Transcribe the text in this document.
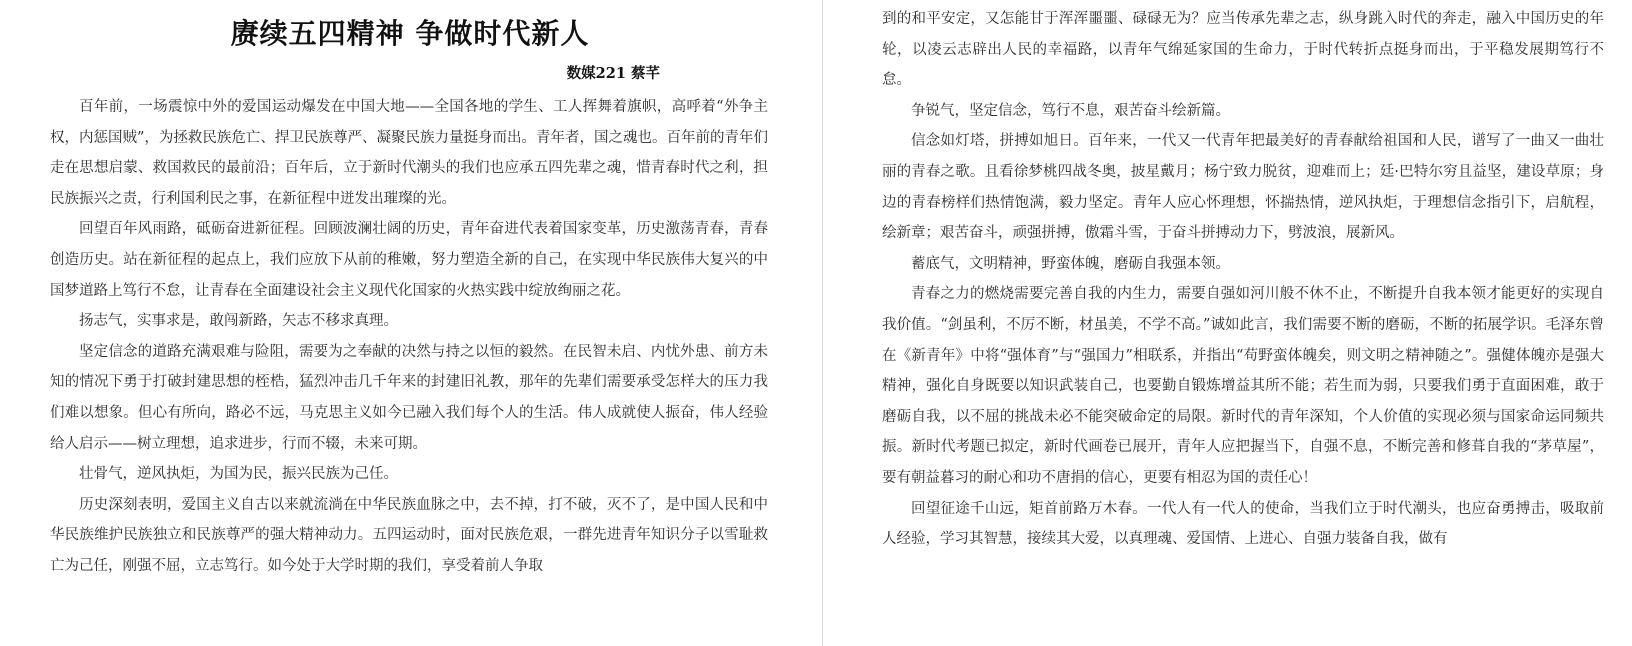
赓续五四精神 争做时代新人

数媒221 蔡芊

百年前，一场震惊中外的爱国运动爆发在中国大地——全国各地的学生、工人挥舞着旗帜，高呼着“外争主权，内惩国贼”，为拯救民族危亡、捍卫民族尊严、凝聚民族力量挺身而出。青年者，国之魂也。百年前的青年们走在思想启蒙、救国救民的最前沿；百年后，立于新时代潮头的我们也应承五四先辈之魂，惜青春时代之利，担民族振兴之责，行利国利民之事，在新征程中迸发出璀璨的光。

回望百年风雨路，砥砺奋进新征程。回顾波澜壮阔的历史，青年奋进代表着国家变革，历史激荡青春，青春创造历史。站在新征程的起点上，我们应放下从前的稚嫩，努力塑造全新的自己，在实现中华民族伟大复兴的中国梦道路上笃行不怠，让青春在全面建设社会主义现代化国家的火热实践中绽放绚丽之花。

扬志气，实事求是，敢闯新路，矢志不移求真理。

坚定信念的道路充满艰难与险阻，需要为之奉献的决然与持之以恒的毅然。在民智未启、内忧外患、前方未知的情况下勇于打破封建思想的桎梏，猛烈冲击几千年来的封建旧礼教，那年的先辈们需要承受怎样大的压力我们难以想象。但心有所向，路必不远，马克思主义如今已融入我们每个人的生活。伟人成就使人振奋，伟人经验给人启示——树立理想，追求进步，行而不辍，未来可期。

壮骨气，逆风执炬，为国为民，振兴民族为己任。

历史深刻表明，爱国主义自古以来就流淌在中华民族血脉之中，去不掉，打不破，灭不了，是中国人民和中华民族维护民族独立和民族尊严的强大精神动力。五四运动时，面对民族危艰，一群先进青年知识分子以雪耻救亡为己任，刚强不屈，立志笃行。如今处于大学时期的我们，享受着前人争取

到的和平安定，又怎能甘于浑浑噩噩、碌碌无为？应当传承先辈之志，纵身跳入时代的奔走，融入中国历史的年轮，以凌云志辟出人民的幸福路，以青年气绵延家国的生命力，于时代转折点挺身而出，于平稳发展期笃行不怠。

争锐气，坚定信念，笃行不息，艰苦奋斗绘新篇。

信念如灯塔，拼搏如旭日。百年来，一代又一代青年把最美好的青春献给祖国和人民，谱写了一曲又一曲壮丽的青春之歌。且看徐梦桃四战冬奥，披星戴月；杨宁致力脱贫，迎难而上；廷·巴特尔穷且益坚，建设草原；身边的青春榜样们热情饱满，毅力坚定。青年人应心怀理想，怀揣热情，逆风执炬，于理想信念指引下，启航程，绘新章；艰苦奋斗，顽强拼搏，傲霜斗雪，于奋斗拼搏动力下，劈波浪，展新风。

蓄底气，文明精神，野蛮体魄，磨砺自我强本领。

青春之力的燃烧需要完善自我的内生力，需要自强如河川般不休不止，不断提升自我本领才能更好的实现自我价值。“剑虽利，不厉不断，材虽美，不学不高。”诚如此言，我们需要不断的磨砺，不断的拓展学识。毛泽东曾在《新青年》中将“强体育”与“强国力”相联系，并指出“苟野蛮体魄矣，则文明之精神随之”。强健体魄亦是强大精神，强化自身既要以知识武装自己，也要勤自锻炼增益其所不能；若生而为弱，只要我们勇于直面困难，敢于磨砺自我，以不屈的挑战未必不能突破命定的局限。新时代的青年深知，个人价值的实现必须与国家命运同频共振。新时代考题已拟定，新时代画卷已展开，青年人应把握当下，自强不息，不断完善和修葺自我的“茅草屋”，要有朝益暮习的耐心和功不唐捐的信心，更要有相忍为国的责任心！

回望征途千山远，矩首前路万木春。一代人有一代人的使命，当我们立于时代潮头，也应奋勇搏击，吸取前人经验，学习其智慧，接续其大爱，以真理魂、爱国情、上进心、自强力装备自我，做有
